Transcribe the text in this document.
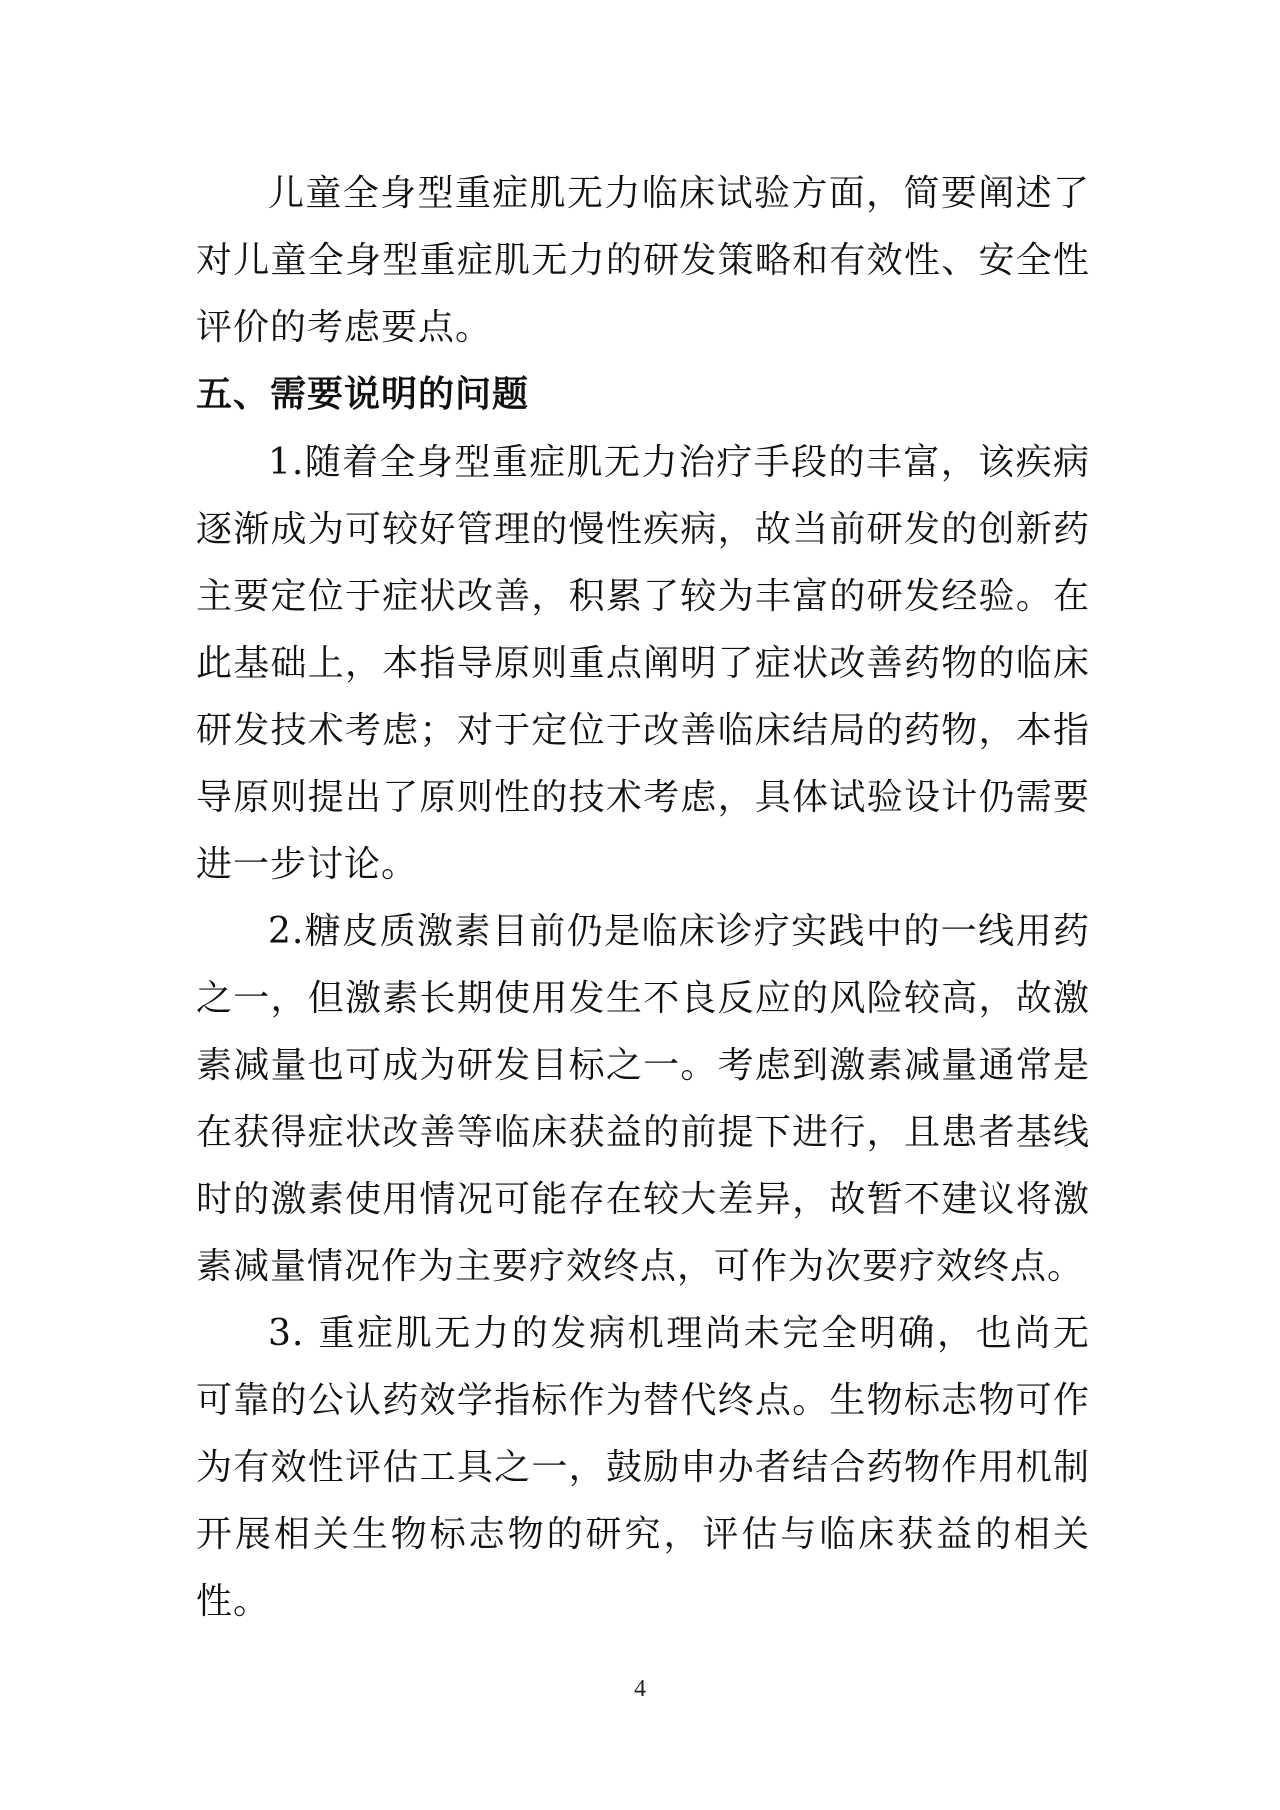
儿童全身型重症肌无力临床试验方面，简要阐述了对儿童全身型重症肌无力的研发策略和有效性、安全性评价的考虑要点。

五、需要说明的问题

1.随着全身型重症肌无力治疗手段的丰富，该疾病逐渐成为可较好管理的慢性疾病，故当前研发的创新药主要定位于症状改善，积累了较为丰富的研发经验。在此基础上，本指导原则重点阐明了症状改善药物的临床研发技术考虑；对于定位于改善临床结局的药物，本指导原则提出了原则性的技术考虑，具体试验设计仍需要进一步讨论。

2.糖皮质激素目前仍是临床诊疗实践中的一线用药之一，但激素长期使用发生不良反应的风险较高，故激素减量也可成为研发目标之一。考虑到激素减量通常是在获得症状改善等临床获益的前提下进行，且患者基线时的激素使用情况可能存在较大差异，故暂不建议将激素减量情况作为主要疗效终点，可作为次要疗效终点。

3. 重症肌无力的发病机理尚未完全明确，也尚无可靠的公认药效学指标作为替代终点。生物标志物可作为有效性评估工具之一，鼓励申办者结合药物作用机制开展相关生物标志物的研究，评估与临床获益的相关性。

4
